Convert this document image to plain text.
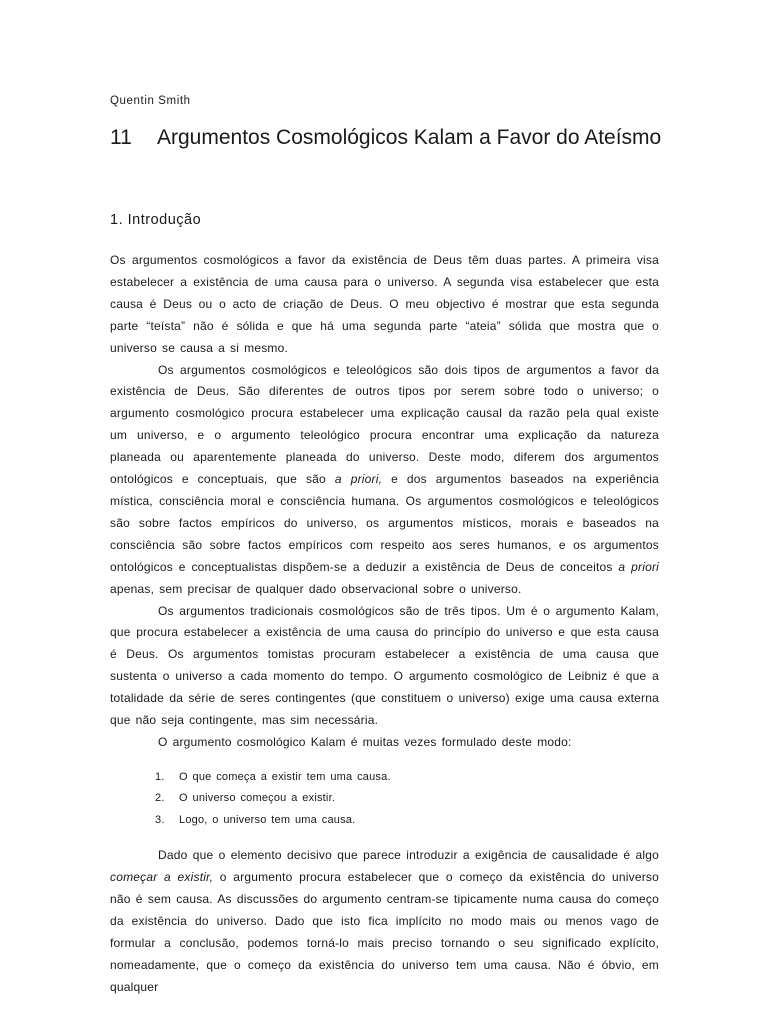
Quentin Smith
11	Argumentos Cosmológicos Kalam a Favor do Ateísmo
1. Introdução

Os argumentos cosmológicos a favor da existência de Deus têm duas partes. A primeira visa estabelecer a existência de uma causa para o universo. A segunda visa estabelecer que esta causa é Deus ou o acto de criação de Deus. O meu objectivo é mostrar que esta segunda parte “teísta” não é sólida e que há uma segunda parte “ateia” sólida que mostra que o universo se causa a si mesmo.

Os argumentos cosmológicos e teleológicos são dois tipos de argumentos a favor da existência de Deus. São diferentes de outros tipos por serem sobre todo o universo; o argumento cosmológico procura estabelecer uma explicação causal da razão pela qual existe um universo, e o argumento teleológico procura encontrar uma explicação da natureza planeada ou aparentemente planeada do universo. Deste modo, diferem dos argumentos ontológicos e conceptuais, que são a priori, e dos argumentos baseados na experiência mística, consciência moral e consciência humana. Os argumentos cosmológicos e teleológicos são sobre factos empíricos do universo, os argumentos místicos, morais e baseados na consciência são sobre factos empíricos com respeito aos seres humanos, e os argumentos ontológicos e conceptualistas dispõem-se a deduzir a existência de Deus de conceitos a priori apenas, sem precisar de qualquer dado observacional sobre o universo.

Os argumentos tradicionais cosmológicos são de três tipos. Um é o argumento Kalam, que procura estabelecer a existência de uma causa do princípio do universo e que esta causa é Deus. Os argumentos tomistas procuram estabelecer a existência de uma causa que sustenta o universo a cada momento do tempo. O argumento cosmológico de Leibniz é que a totalidade da série de seres contingentes (que constituem o universo) exige uma causa externa que não seja contingente, mas sim necessária.

O argumento cosmológico Kalam é muitas vezes formulado deste modo:

1.	O que começa a existir tem uma causa.
2.	O universo começou a existir.
3.	Logo, o universo tem uma causa.

Dado que o elemento decisivo que parece introduzir a exigência de causalidade é algo começar a existir, o argumento procura estabelecer que o começo da existência do universo não é sem causa. As discussões do argumento centram-se tipicamente numa causa do começo da existência do universo. Dado que isto fica implícito no modo mais ou menos vago de formular a conclusão, podemos torná-lo mais preciso tornando o seu significado explícito, nomeadamente, que o começo da existência do universo tem uma causa. Não é óbvio, em qualquer
